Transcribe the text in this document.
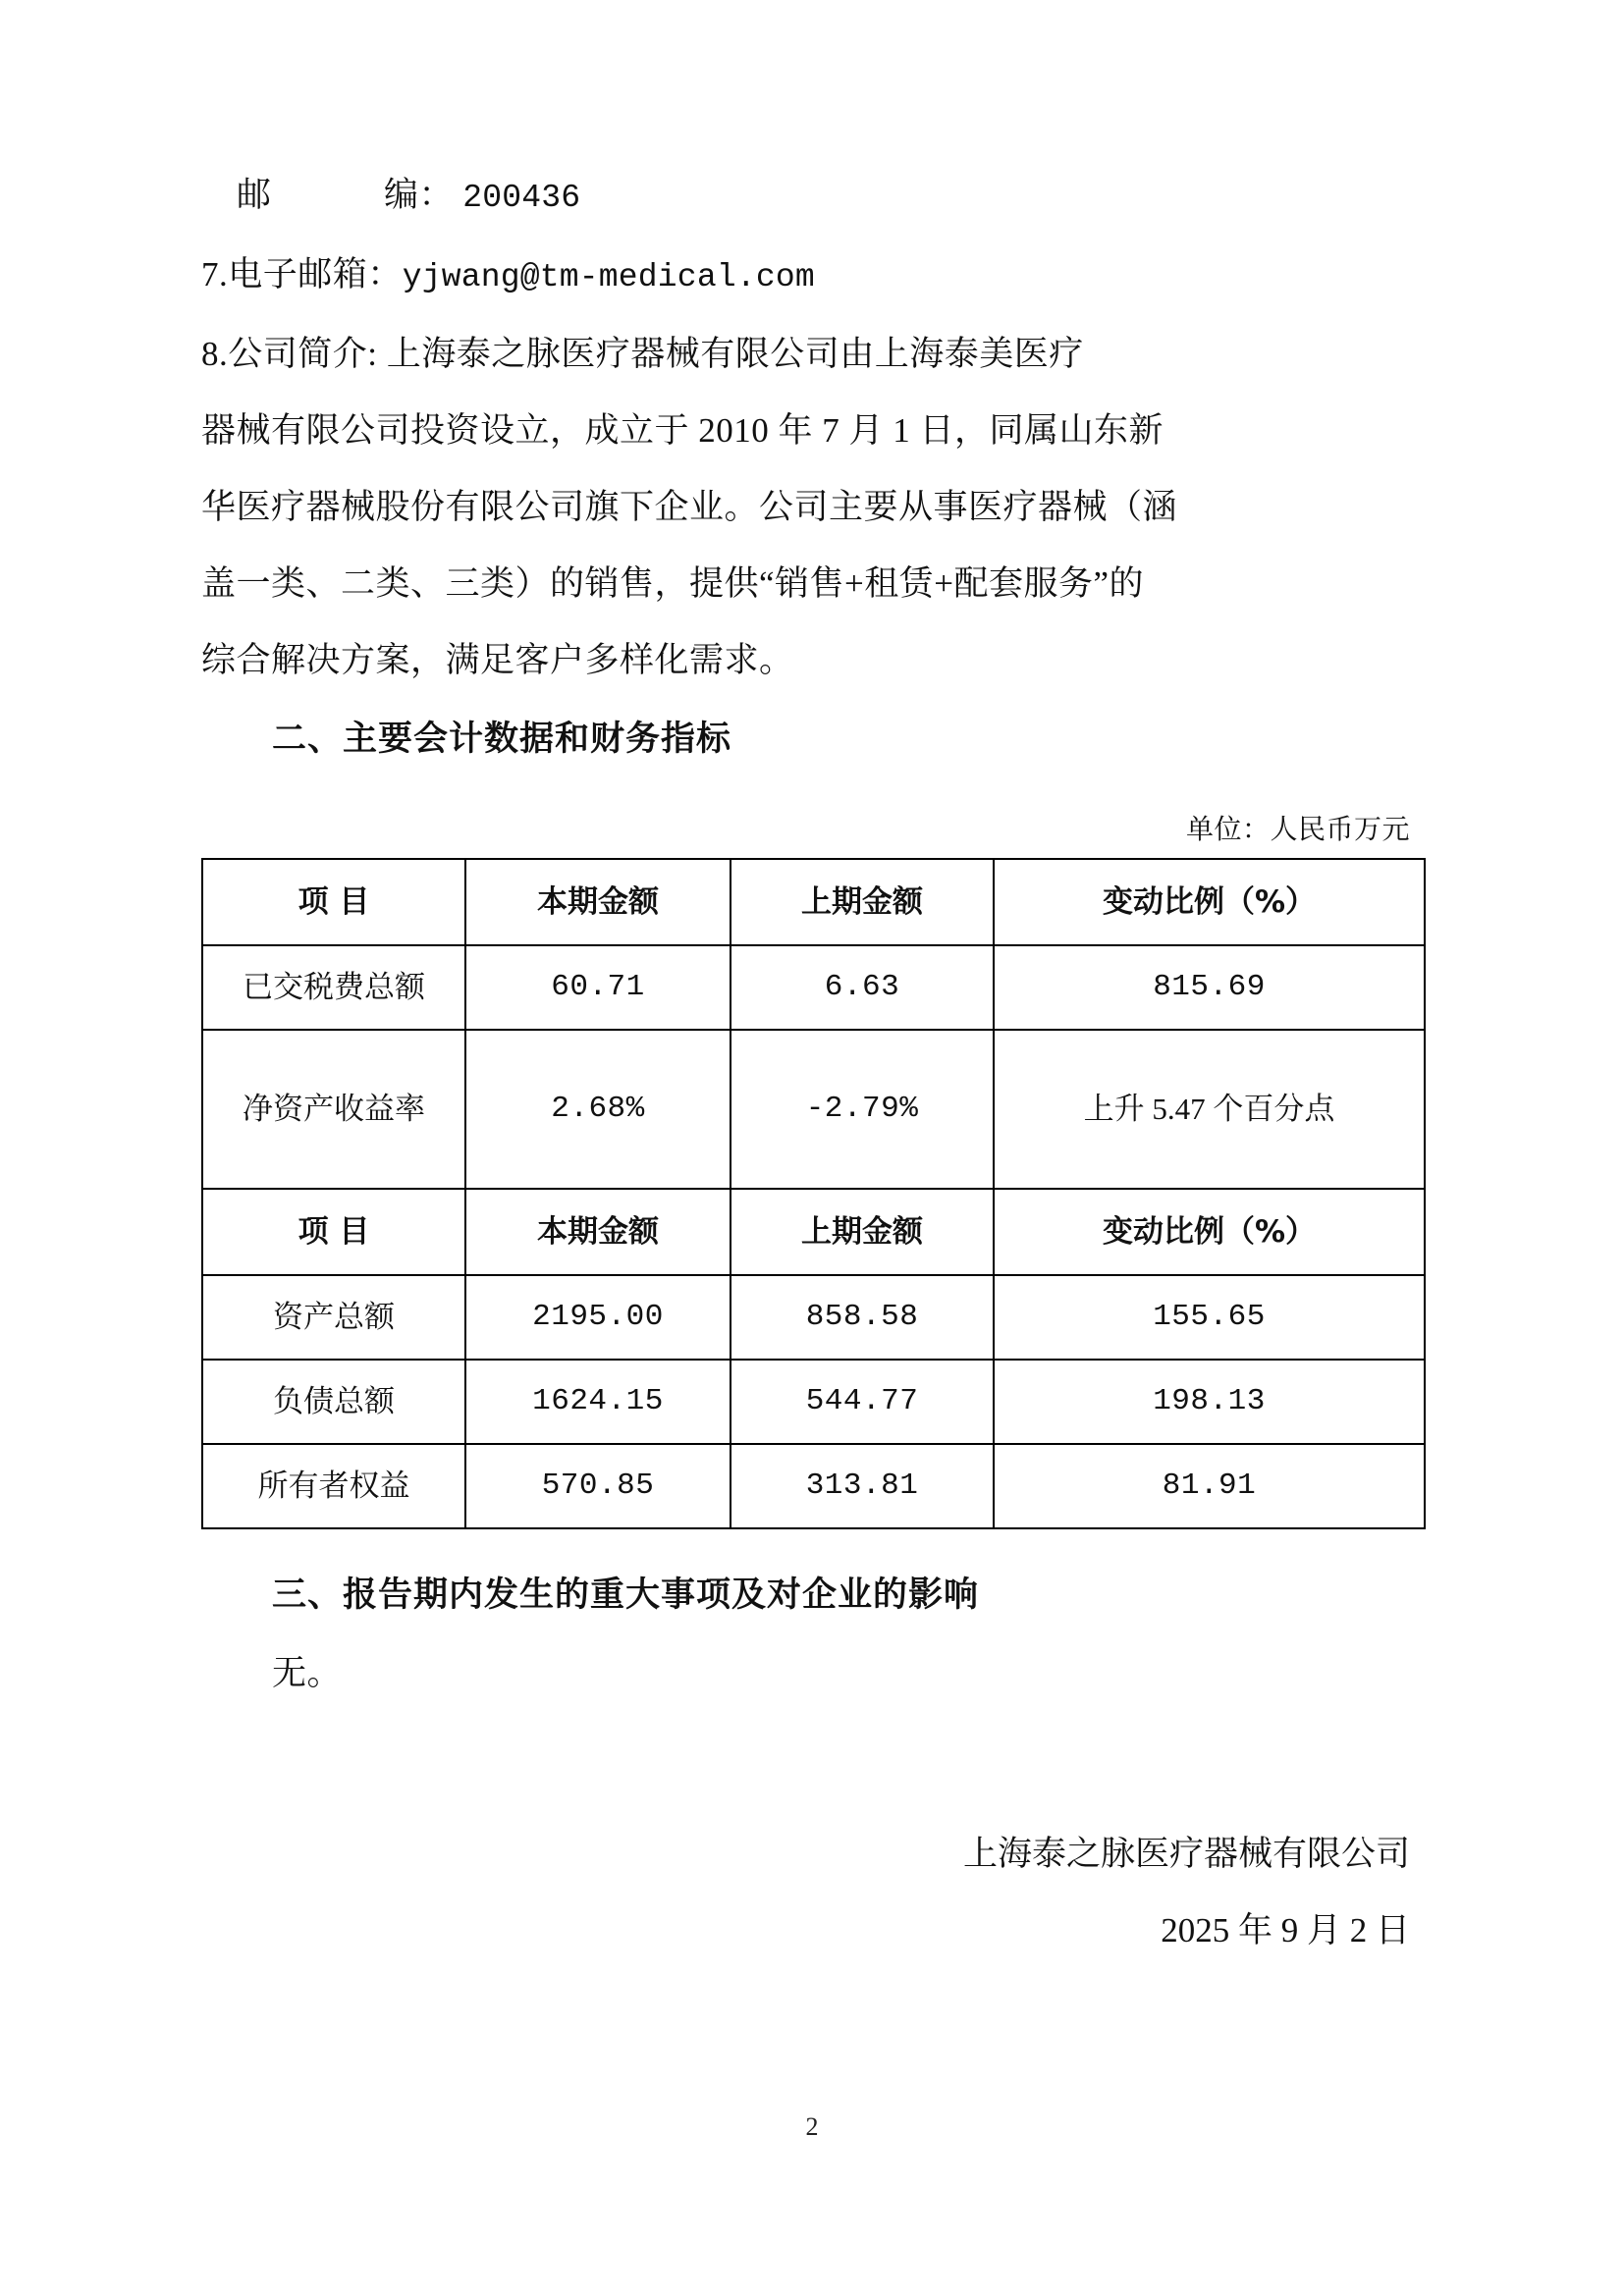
邮	编： 200436
7.电子邮箱：yjwang@tm-medical.com
8.公司简介: 上海泰之脉医疗器械有限公司由上海泰美医疗
器械有限公司投资设立，成立于 2010 年 7 月 1 日，同属山东新
华医疗器械股份有限公司旗下企业。公司主要从事医疗器械（涵
盖一类、二类、三类）的销售，提供“销售+租赁+配套服务”的
综合解决方案，满足客户多样化需求。
二、主要会计数据和财务指标
单位：人民币万元
项 目	本期金额	上期金额	变动比例（%）
已交税费总额	60.71	6.63	815.69
净资产收益率	2.68%	-2.79%	上升 5.47 个百分点
项 目	本期金额	上期金额	变动比例（%）
资产总额	2195.00	858.58	155.65
负债总额	1624.15	544.77	198.13
所有者权益	570.85	313.81	81.91
三、报告期内发生的重大事项及对企业的影响
无。
上海泰之脉医疗器械有限公司
2025 年 9 月 2 日
2
